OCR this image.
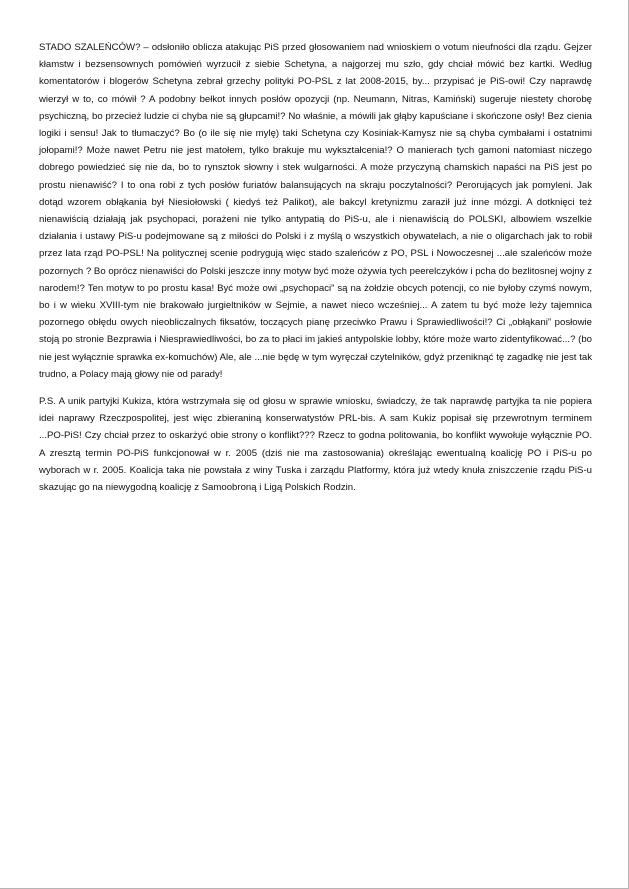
STADO SZALEŃCÓW? – odsłoniło oblicza atakując PiS przed głosowaniem nad wnioskiem o votum nieufności dla rządu. Gejzer kłamstw i bezsensownych pomówień wyrzucił z siebie Schetyna, a najgorzej mu szło, gdy chciał mówić bez kartki. Według komentatorów i blogerów Schetyna zebrał grzechy polityki PO-PSL z lat 2008-2015, by... przypisać je PiS-owi! Czy naprawdę wierzył w to, co mówił ? A podobny bełkot innych posłów opozycji (np. Neumann, Nitras, Kamiński) sugeruje niestety chorobę psychiczną, bo przecież ludzie ci chyba nie są głupcami!? No właśnie, a mówili jak głąby kapuściane i skończone osły! Bez cienia logiki i sensu! Jak to tłumaczyć? Bo (o ile się nie mylę) taki Schetyna czy Kosiniak-Kamysz nie są chyba cymbałami i ostatnimi jołopami!? Może nawet Petru nie jest matołem, tylko brakuje mu wykształcenia!? O manierach tych gamoni natomiast niczego dobrego powiedzieć się nie da, bo to rynsztok słowny i stek wulgarności. A może przyczyną chamskich napaści na PiS jest po prostu nienawiść? I to ona robi z tych posłów furiatów balansujących na skraju poczytalności? Perorujących jak pomyleni. Jak dotąd wzorem obłąkania był Niesiołowski ( kiedyś też Palikot), ale bakcyl kretynizmu zaraził już inne mózgi. A dotknięci też nienawiścią działają jak psychopaci, porażeni nie tylko antypatią do PiS-u, ale i nienawiścią do POLSKI, albowiem wszelkie działania i ustawy PiS-u podejmowane są z miłości do Polski i z myślą o wszystkich obywatelach, a nie o oligarchach jak to robił przez lata rząd PO-PSL! Na politycznej scenie podrygują więc stado szaleńców z PO, PSL i Nowoczesnej ...ale szaleńców może pozornych ? Bo oprócz nienawiści do Polski jeszcze inny motyw być może ożywia tych peerelczyków i pcha do bezlitosnej wojny z narodem!? Ten motyw to po prostu kasa! Być może owi „psychopaci” są na żołdzie obcych potencji, co nie byłoby czymś nowym, bo i w wieku XVIII-tym nie brakowało jurgieltników w Sejmie, a nawet nieco wcześniej... A zatem tu być może leży tajemnica pozornego obłędu owych nieobliczalnych fiksatów, toczących pianę przeciwko Prawu i Sprawiedliwości!? Ci „obłąkani” posłowie stoją po stronie Bezprawia i Niesprawiedliwości, bo za to płaci im jakieś antypolskie lobby, które może warto zidentyfikować...? (bo nie jest wyłącznie sprawka ex-komuchów) Ale, ale ...nie będę w tym wyręczał czytelników, gdyż przeniknąć tę zagadkę nie jest tak trudno, a Polacy mają głowy nie od parady!

P.S. A unik partyjki Kukiza, która wstrzymała się od głosu w sprawie wniosku, świadczy, że tak naprawdę partyjka ta nie popiera idei naprawy Rzeczpospolitej, jest więc zbieraniną konserwatystów PRL-bis. A sam Kukiz popisał się przewrotnym terminem ...PO-PiS! Czy chciał przez to oskarżyć obie strony o konflikt??? Rzecz to godna politowania, bo konflikt wywołuje wyłącznie PO. A zresztą termin PO-PiS funkcjonował w r. 2005 (dziś nie ma zastosowania) określając ewentualną koalicję PO i PiS-u po wyborach w r. 2005. Koalicja taka nie powstała z winy Tuska i zarządu Platformy, która już wtedy knuła zniszczenie rządu PiS-u skazując go na niewygodną koalicję z Samoobroną i Ligą Polskich Rodzin.
